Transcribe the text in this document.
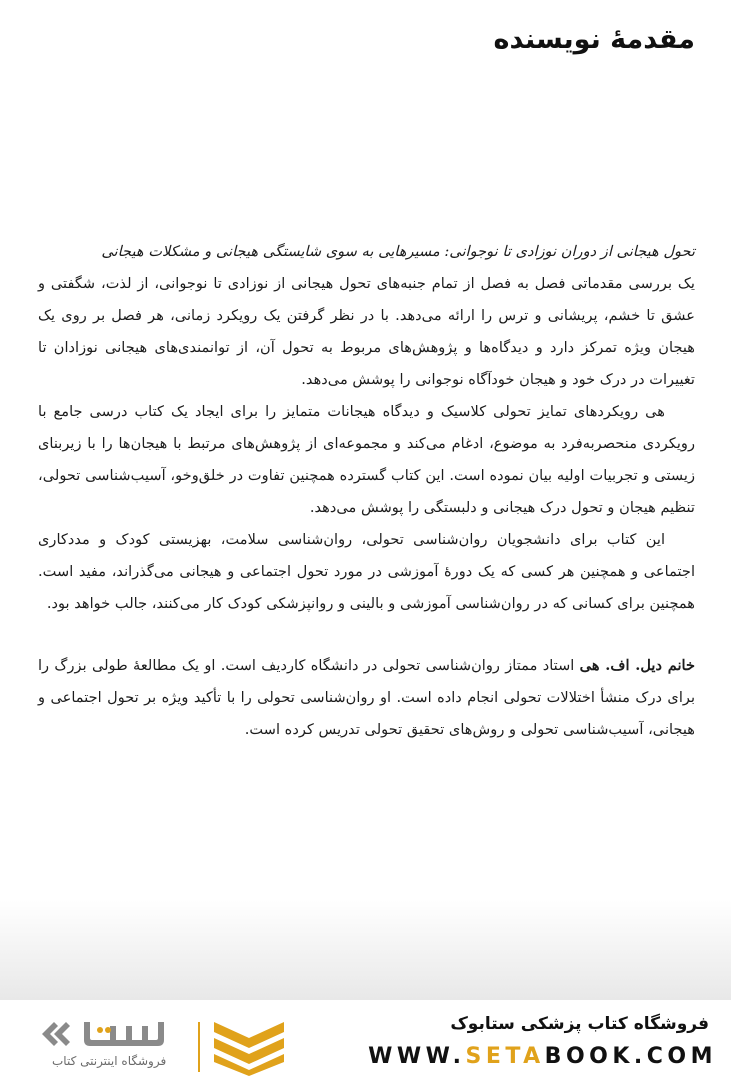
مقدمۀ نویسنده

تحول هیجانی از دوران نوزادی تا نوجوانی: مسیرهایی به سوی شایستگی هیجانی و مشکلات هیجانی

یک بررسی مقدماتی فصل به فصل از تمام جنبه‌های تحول هیجانی از نوزادی تا نوجوانی، از لذت، شگفتی و عشق تا خشم، پریشانی و ترس را ارائه می‌دهد. با در نظر گرفتن یک رویکرد زمانی، هر فصل بر روی یک هیجان ویژه تمرکز دارد و دیدگاه‌ها و پژوهش‌های مربوط به تحول آن، از توانمندی‌های هیجانی نوزادان تا تغییرات در درک خود و هیجان خودآگاه نوجوانی را پوشش می‌دهد.

هی رویکردهای تمایز تحولی کلاسیک و دیدگاه هیجانات متمایز را برای ایجاد یک کتاب درسی جامع با رویکردی منحصربه‌فرد به موضوع، ادغام می‌کند و مجموعه‌ای از پژوهش‌های مرتبط با هیجان‌ها را با زیربنای زیستی و تجربیات اولیه بیان نموده است. این کتاب گسترده همچنین تفاوت در خلق‌وخو، آسیب‌شناسی تحولی، تنظیم هیجان و تحول درک هیجانی و دلبستگی را پوشش می‌دهد.

این کتاب برای دانشجویان روان‌شناسی تحولی، روان‌شناسی سلامت، بهزیستی کودک و مددکاری اجتماعی و همچنین هر کسی که یک دورۀ آموزشی در مورد تحول اجتماعی و هیجانی می‌گذراند، مفید است. همچنین برای کسانی که در روان‌شناسی آموزشی و بالینی و روانپزشکی کودک کار می‌کنند، جالب خواهد بود.

خانم دیل. اف. هی استاد ممتاز روان‌شناسی تحولی در دانشگاه کاردیف است. او یک مطالعۀ طولی بزرگ را برای درک منشأ اختلالات تحولی انجام داده است. او روان‌شناسی تحولی را با تأکید ویژه بر تحول اجتماعی و هیجانی، آسیب‌شناسی تحولی و روش‌های تحقیق تحولی تدریس کرده است.

فروشگاه کتاب پزشکی ستابوک
WWW.SETABOOK.COM
فروشگاه اینترنتی کتاب
